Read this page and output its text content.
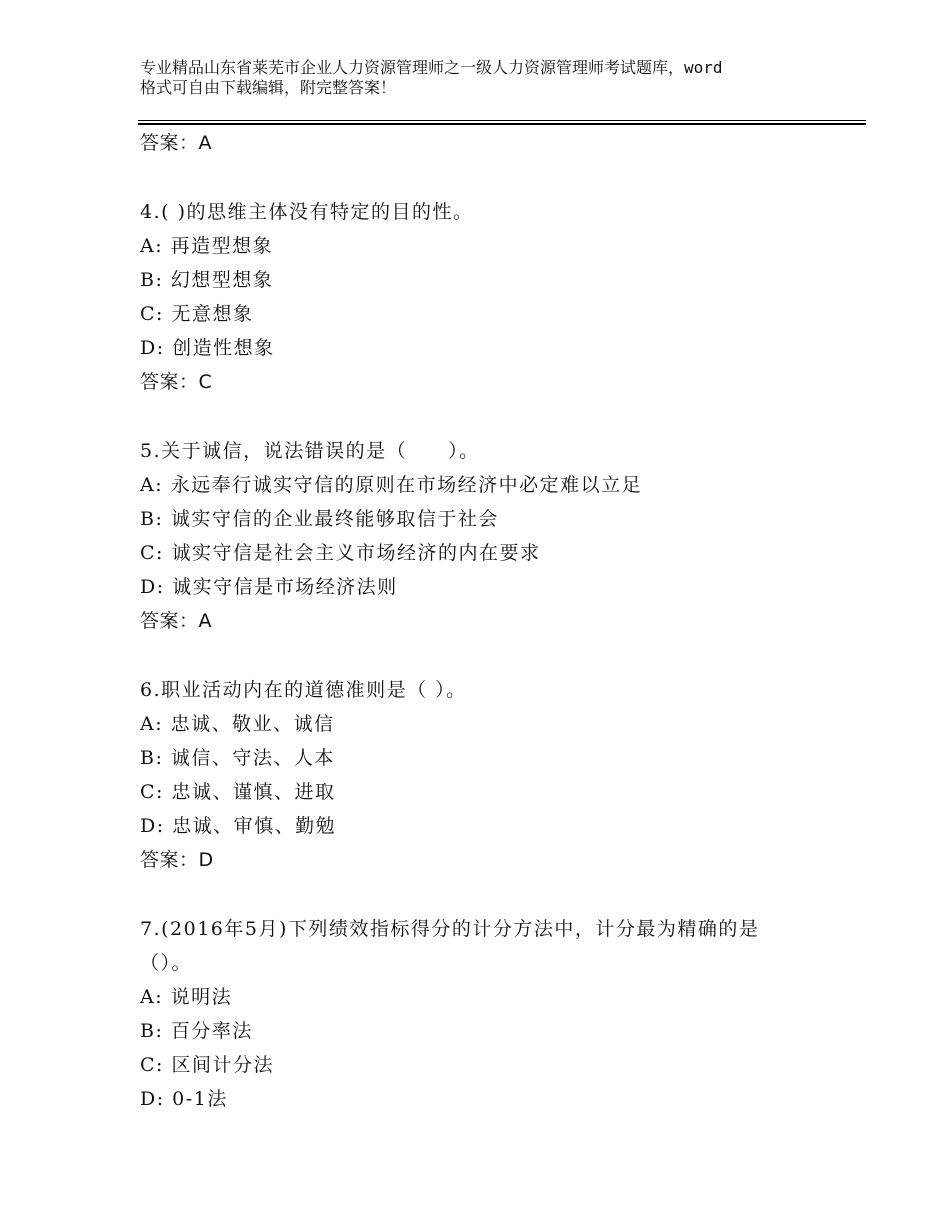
专业精品山东省莱芜市企业人力资源管理师之一级人力资源管理师考试题库，word
格式可自由下载编辑，附完整答案！
答案：A
4.( )的思维主体没有特定的目的性。
A: 再造型想象
B: 幻想型想象
C: 无意想象
D: 创造性想象
答案：C
5.关于诚信，说法错误的是（　　）。
A: 永远奉行诚实守信的原则在市场经济中必定难以立足
B: 诚实守信的企业最终能够取信于社会
C: 诚实守信是社会主义市场经济的内在要求
D: 诚实守信是市场经济法则
答案：A
6.职业活动内在的道德准则是（ ）。
A: 忠诚、敬业、诚信
B: 诚信、守法、人本
C: 忠诚、谨慎、进取
D: 忠诚、审慎、勤勉
答案：D
7.(2016年5月)下列绩效指标得分的计分方法中，计分最为精确的是
（）。
A: 说明法
B: 百分率法
C: 区间计分法
D: 0-1法
